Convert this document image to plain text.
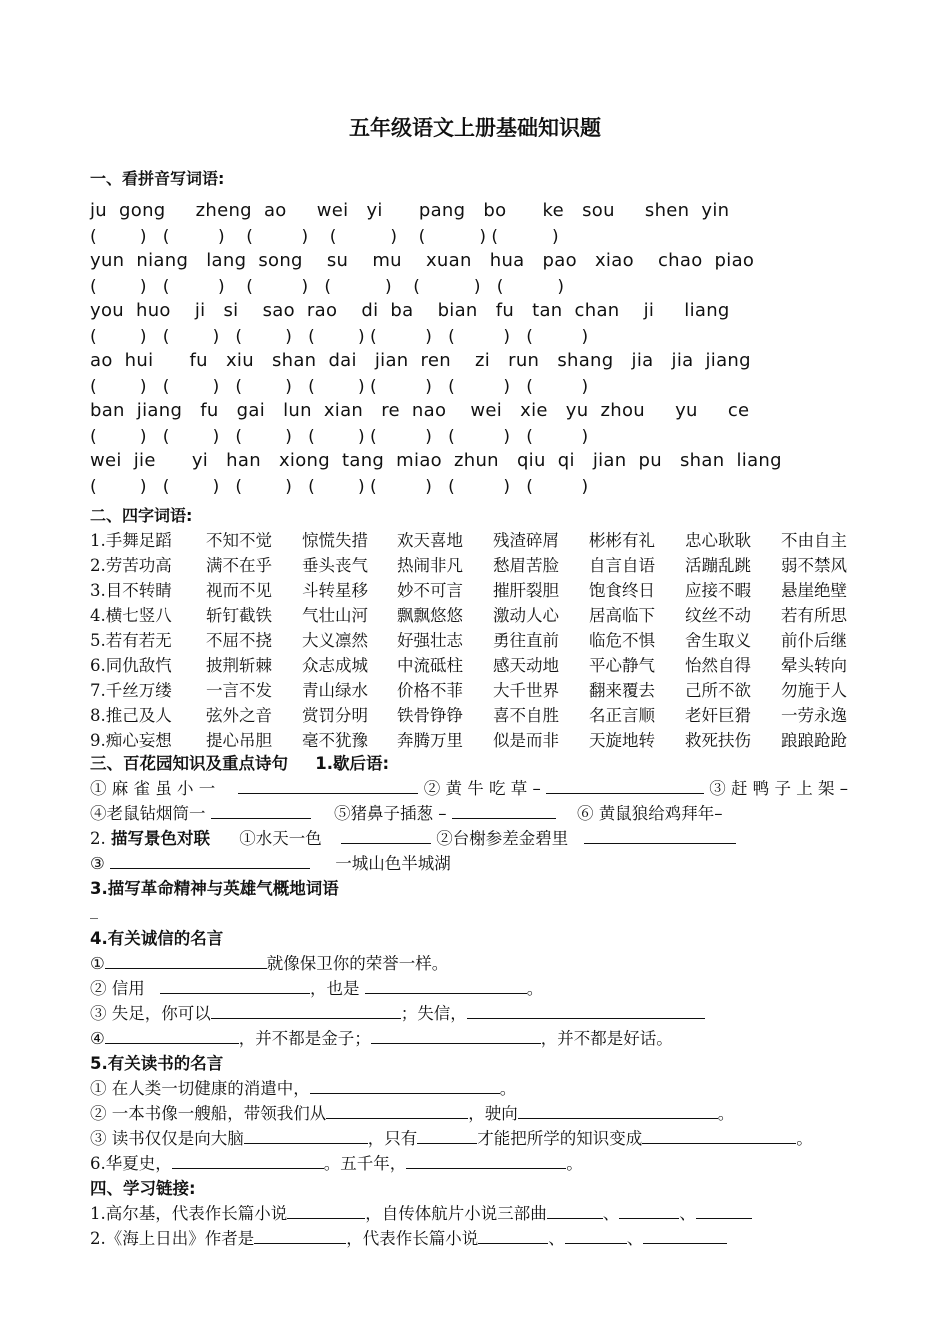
五年级语文上册基础知识题
一、看拼音写词语:
ju  gong     zheng  ao     wei   yi      pang   bo      ke   sou     shen  yin
(        )   (         )    (         )    (          )    (          ) (          )
yun  niang   lang  song    su    mu    xuan   hua   pao   xiao    chao  piao
(        )   (         )    (         )   (          )    (          )   (          )
you  huo    ji   si    sao  rao    di  ba    bian   fu   tan  chan    ji     liang
(        )   (        )   (        )   (        ) (         )   (         )   (         )
ao  hui      fu   xiu   shan  dai   jian  ren    zi   run   shang   jia   jia  jiang
(        )   (        )   (        )   (        ) (         )   (         )   (         )
ban  jiang   fu   gai   lun  xian   re  nao    wei   xie   yu  zhou     yu     ce
(        )   (        )   (        )   (        ) (         )   (         )   (         )
wei  jie      yi   han   xiong  tang  miao  zhun   qiu  qi   jian  pu   shan  liang
(        )   (        )   (        )   (        ) (         )   (         )   (         )
二、四字词语:
1.手舞足蹈 不知不觉 惊慌失措 欢天喜地 残渣碎屑 彬彬有礼 忠心耿耿 不由自主
2.劳苦功高 满不在乎 垂头丧气 热闹非凡 愁眉苦脸 自言自语 活蹦乱跳 弱不禁风
3.目不转睛 视而不见 斗转星移 妙不可言 摧肝裂胆 饱食终日 应接不暇 悬崖绝壁
4.横七竖八 斩钉截铁 气壮山河 飘飘悠悠 激动人心 居高临下 纹丝不动 若有所思
5.若有若无 不屈不挠 大义凛然 好强壮志 勇往直前 临危不惧 舍生取义 前仆后继
6.同仇敌忾 披荆斩棘 众志成城 中流砥柱 感天动地 平心静气 怡然自得 晕头转向
7.千丝万缕 一言不发 青山绿水 价格不菲 大千世界 翻来覆去 己所不欲 勿施于人
8.推己及人 弦外之音 赏罚分明 铁骨铮铮 喜不自胜 名正言顺 老奸巨猾 一劳永逸
9.痴心妄想 提心吊胆 毫不犹豫 奔腾万里 似是而非 天旋地转 救死扶伤 踉踉跄跄
三、百花园知识及重点诗句 1.歇后语:
① 麻 雀 虽 小 一	② 黄 牛 吃 草 –	③ 赶 鸭 子 上 架 –
④老鼠钻烟筒一	⑤猪鼻子插葱 –	⑥ 黄鼠狼给鸡拜年–
2. 描写景色对联 ①水天一色	②台榭参差金碧里
③	一城山色半城湖
3.描写革命精神与英雄气概地词语
_
4.有关诚信的名言
①	就像保卫你的荣誉一样。
② 信用	，也是	。
③ 失足，你可以	；失信，
④	，并不都是金子；	，并不都是好话。
5.有关读书的名言
① 在人类一切健康的消遣中，	。
② 一本书像一艘船，带领我们从	，驶向	。
③ 读书仅仅是向大脑	，只有	才能把所学的知识变成	。
6.华夏史，	。五千年，	。
四、学习链接:
1.高尔基，代表作长篇小说	，自传体航片小说三部曲	、	、
2.《海上日出》作者是	，代表作长篇小说	、	、
